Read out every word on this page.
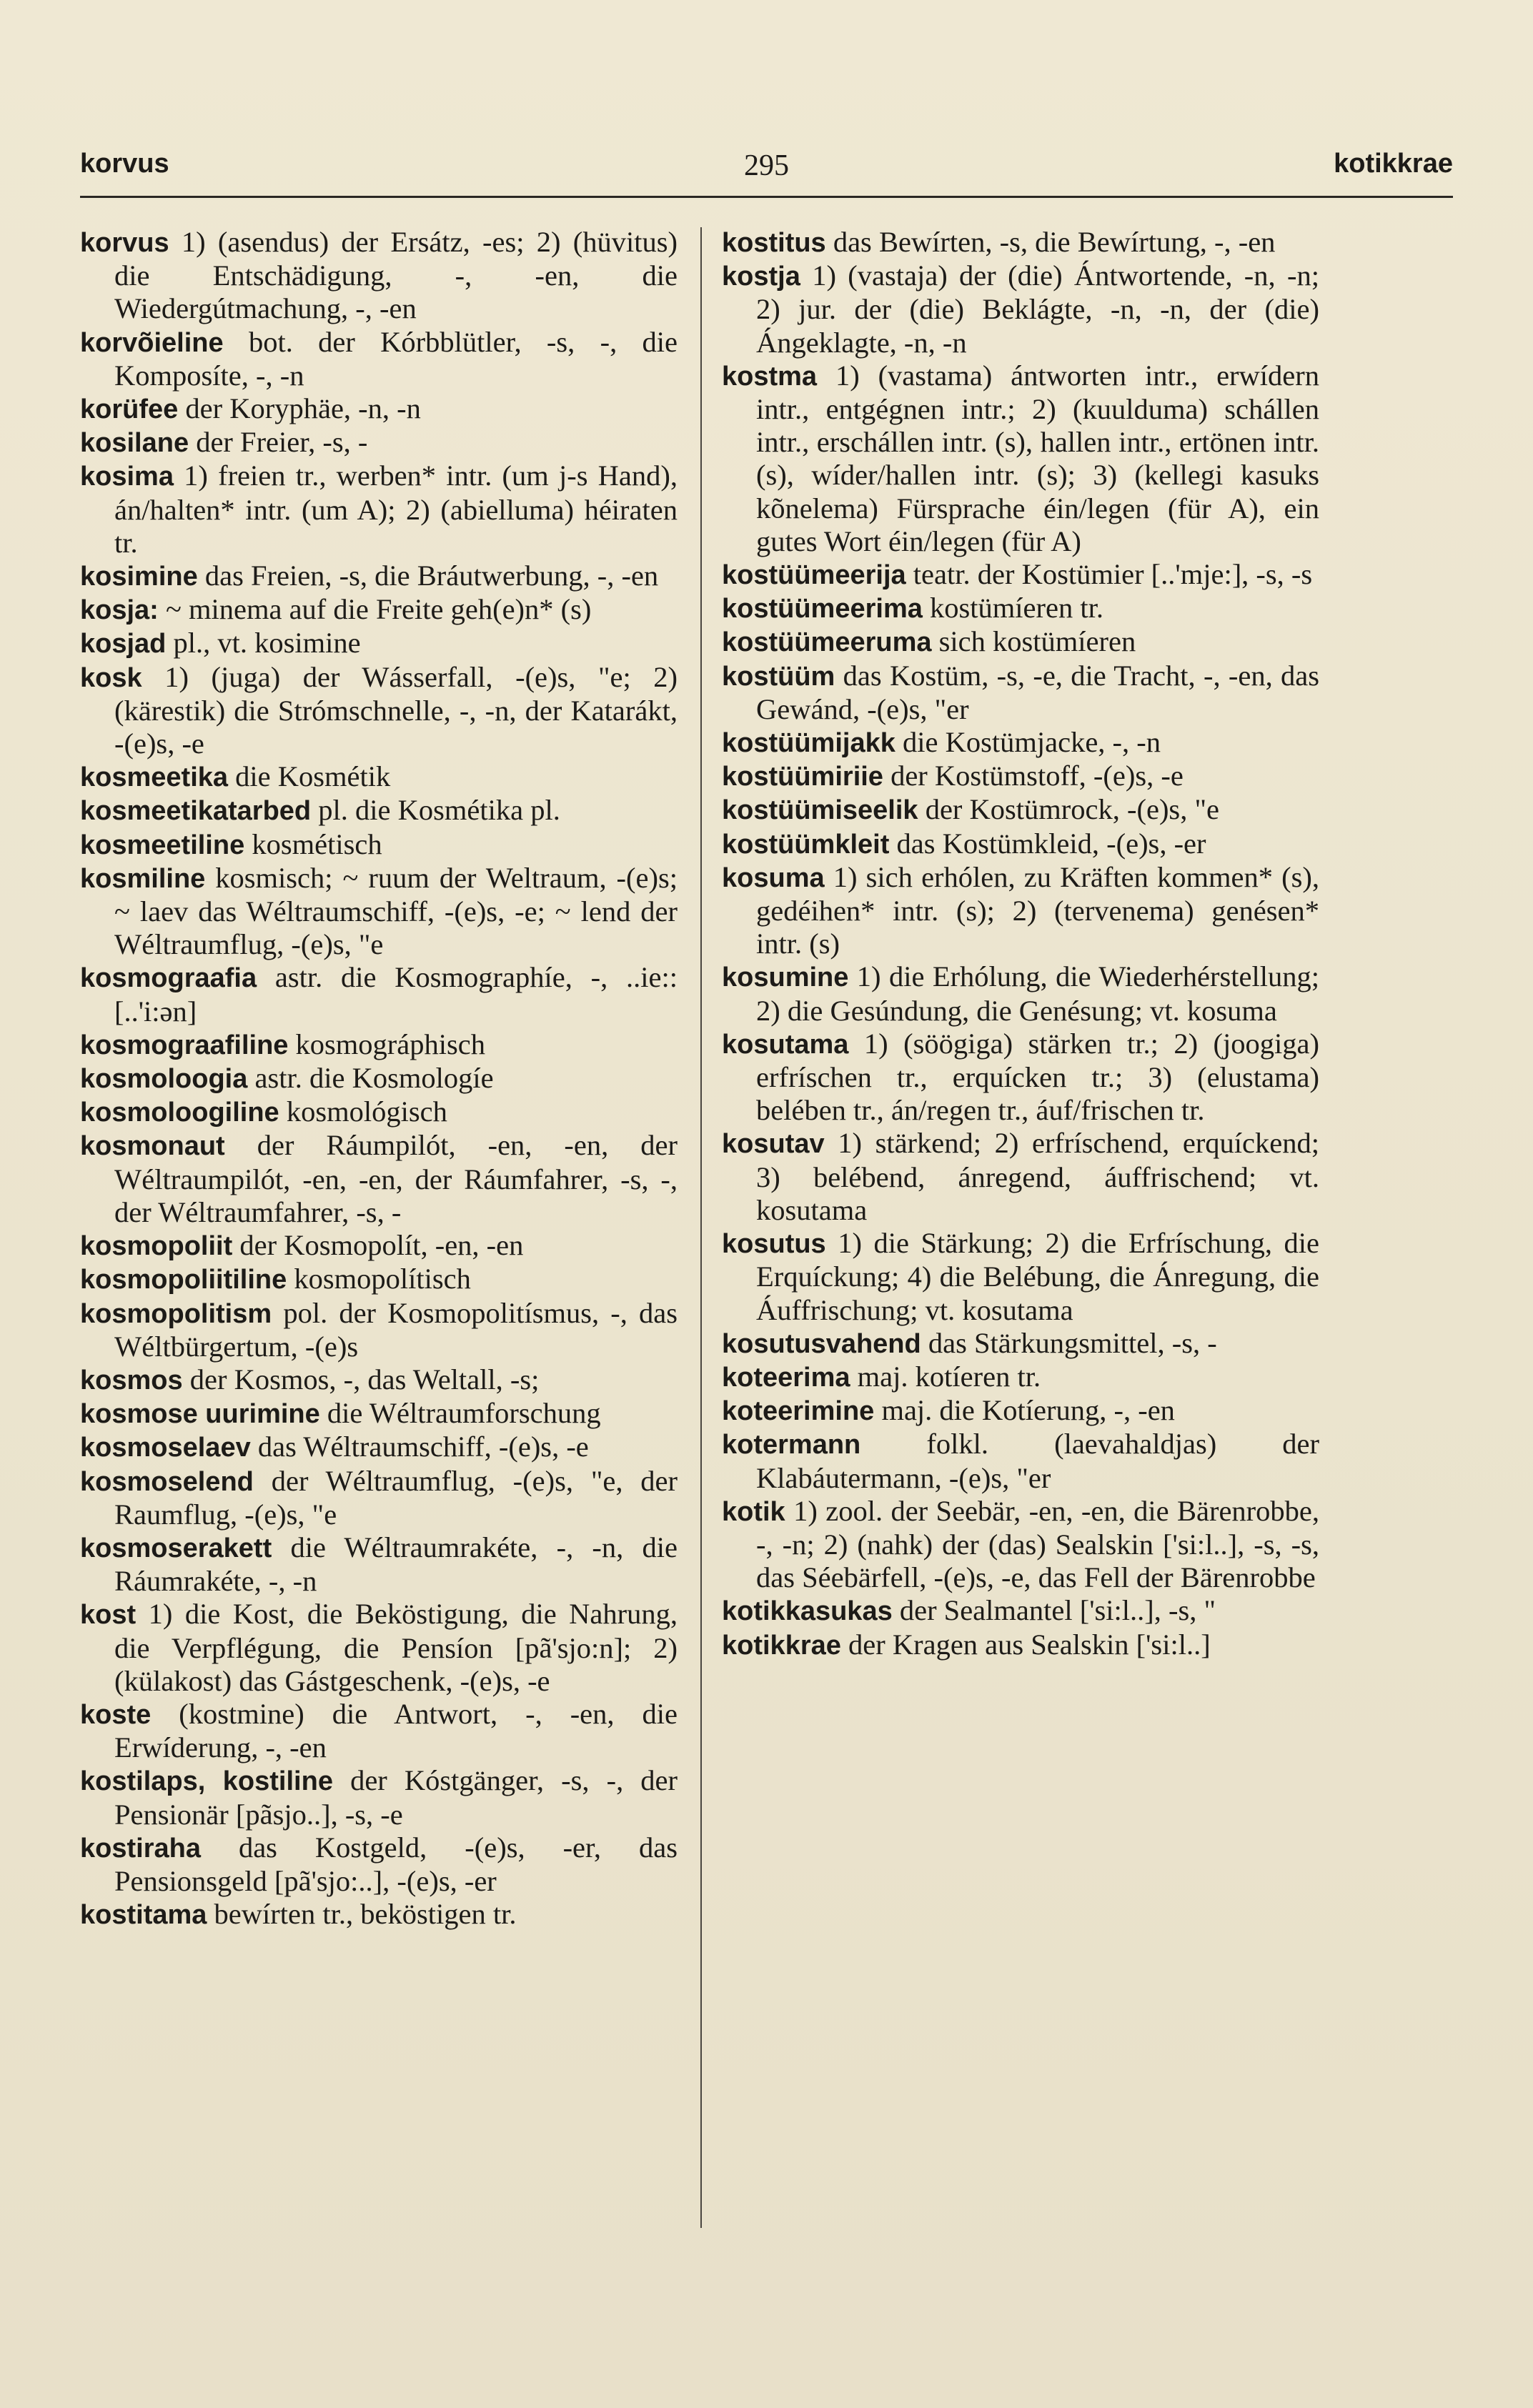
korvus	295	kotikkrae

korvus 1) (asendus) der Ersátz, -es; 2) (hüvitus) die Entschädigung, -, -en, die Wiedergútmachung, -, -en

korvõieline bot. der Kórbblütler, -s, -, die Komposíte, -, -n

korüfee der Koryphäe, -n, -n

kosilane der Freier, -s, -

kosima 1) freien tr., werben* intr. (um j-s Hand), án/halten* intr. (um A); 2) (abielluma) héiraten tr.

kosimine das Freien, -s, die Bráutwerbung, -, -en

kosja: ~ minema auf die Freite geh(e)n* (s)

kosjad pl., vt. kosimine

kosk 1) (juga) der Wásserfall, -(e)s, "e; 2) (kärestik) die Strómschnelle, -, -n, der Katarákt, -(e)s, -e

kosmeetika die Kosmétik

kosmeetikatarbed pl. die Kosmétika pl.

kosmeetiline kosmétisch

kosmiline kosmisch; ~ ruum der Weltraum, -(e)s; ~ laev das Wéltraumschiff, -(e)s, -e; ~ lend der Wéltraumflug, -(e)s, "e

kosmograafia astr. die Kosmographíe, -, ..ie:: [..'i:ən]

kosmograafiline kosmográphisch

kosmoloogia astr. die Kosmologíe

kosmoloogiline kosmológisch

kosmonaut der Ráumpilót, -en, -en, der Wéltraumpilót, -en, -en, der Ráumfahrer, -s, -, der Wéltraumfahrer, -s, -

kosmopoliit der Kosmopolít, -en, -en

kosmopoliitiline kosmopolítisch

kosmopolitism pol. der Kosmopolitísmus, -, das Wéltbürgertum, -(e)s

kosmos der Kosmos, -, das Weltall, -s;

kosmose uurimine die Wéltraumforschung

kosmoselaev das Wéltraumschiff, -(e)s, -e

kosmoselend der Wéltraumflug, -(e)s, "e, der Raumflug, -(e)s, "e

kosmoserakett die Wéltraumrakéte, -, -n, die Ráumrakéte, -, -n

kost 1) die Kost, die Beköstigung, die Nahrung, die Verpflégung, die Pensíon [pã'sjo:n]; 2) (külakost) das Gástgeschenk, -(e)s, -e

koste (kostmine) die Antwort, -, -en, die Erwíderung, -, -en

kostilaps, kostiline der Kóstgänger, -s, -, der Pensionär [pãsjo..], -s, -e

kostiraha das Kostgeld, -(e)s, -er, das Pensionsgeld [pã'sjo:..], -(e)s, -er

kostitama bewírten tr., beköstigen tr.

kostitus das Bewírten, -s, die Bewírtung, -, -en

kostja 1) (vastaja) der (die) Ántwortende, -n, -n; 2) jur. der (die) Beklágte, -n, -n, der (die) Ángeklagte, -n, -n

kostma 1) (vastama) ántworten intr., erwídern intr., entgégnen intr.; 2) (kuulduma) schállen intr., erschállen intr. (s), hallen intr., ertönen intr. (s), wíder/hallen intr. (s); 3) (kellegi kasuks kõnelema) Fürsprache éin/legen (für A), ein gutes Wort éin/legen (für A)

kostüümeerija teatr. der Kostümier [..'mje:], -s, -s

kostüümeerima kostümíeren tr.

kostüümeeruma sich kostümíeren

kostüüm das Kostüm, -s, -e, die Tracht, -, -en, das Gewánd, -(e)s, "er

kostüümijakk die Kostümjacke, -, -n

kostüümiriie der Kostümstoff, -(e)s, -e

kostüümiseelik der Kostümrock, -(e)s, "e

kostüümkleit das Kostümkleid, -(e)s, -er

kosuma 1) sich erhólen, zu Kräften kommen* (s), gedéihen* intr. (s); 2) (tervenema) genésen* intr. (s)

kosumine 1) die Erhólung, die Wiederhérstellung; 2) die Gesúndung, die Genésung; vt. kosuma

kosutama 1) (söögiga) stärken tr.; 2) (joogiga) erfríschen tr., erquícken tr.; 3) (elustama) belében tr., án/regen tr., áuf/frischen tr.

kosutav 1) stärkend; 2) erfríschend, erquíckend; 3) belébend, ánregend, áuffrischend; vt. kosutama

kosutus 1) die Stärkung; 2) die Erfríschung, die Erquíckung; 4) die Belébung, die Ánregung, die Áuffrischung; vt. kosutama

kosutusvahend das Stärkungsmittel, -s, -

koteerima maj. kotíeren tr.

koteerimine maj. die Kotíerung, -, -en

kotermann folkl. (laevahaldjas) der Klabáutermann, -(e)s, "er

kotik 1) zool. der Seebär, -en, -en, die Bärenrobbe, -, -n; 2) (nahk) der (das) Sealskin ['si:l..], -s, -s, das Séebärfell, -(e)s, -e, das Fell der Bärenrobbe

kotikkasukas der Sealmantel ['si:l..], -s, "

kotikkrae der Kragen aus Sealskin ['si:l..]
